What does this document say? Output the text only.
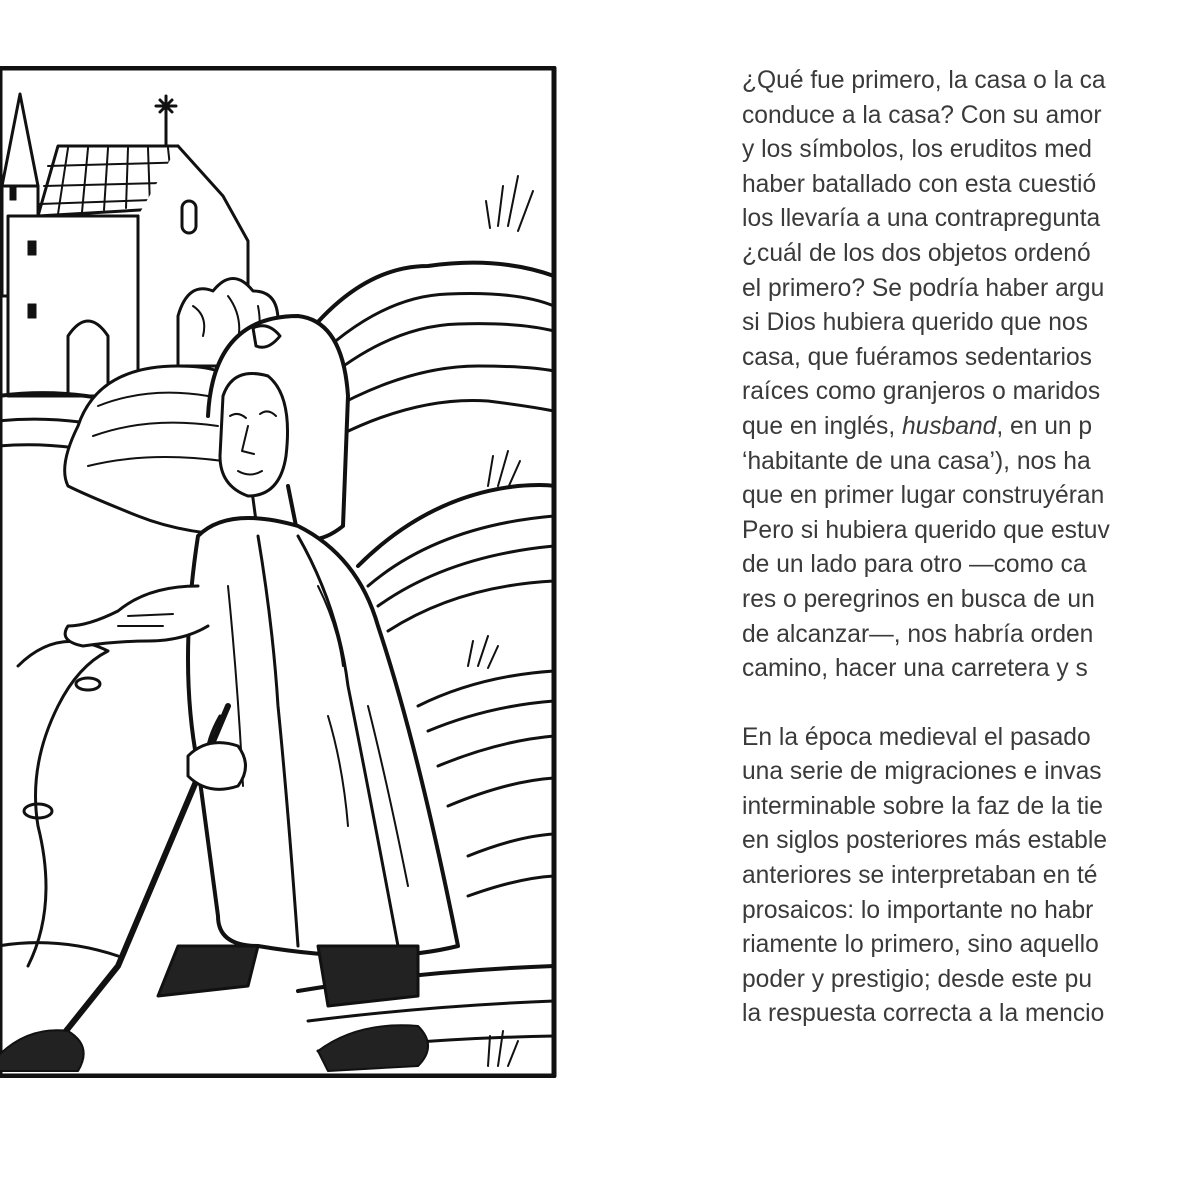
¿Qué fue primero, la casa o la ca
conduce a la casa? Con su amor
y los símbolos, los eruditos med
haber batallado con esta cuestió
los llevaría a una contrapregunta
¿cuál de los dos objetos ordenó
el primero? Se podría haber argu
si Dios hubiera querido que nos
casa, que fuéramos sedentarios
raíces como granjeros o maridos
que en inglés, husband, en un p
‘habitante de una casa’), nos ha
que en primer lugar construyéran
Pero si hubiera querido que estuv
de un lado para otro —como ca
res o peregrinos en busca de un
de alcanzar—, nos habría orden
camino, hacer una carretera y s
En la época medieval el pasado
una serie de migraciones e invas
interminable sobre la faz de la tie
en siglos posteriores más estable
anteriores se interpretaban en té
prosaicos: lo importante no habr
riamente lo primero, sino aquello
poder y prestigio; desde este pu
la respuesta correcta a la mencio
